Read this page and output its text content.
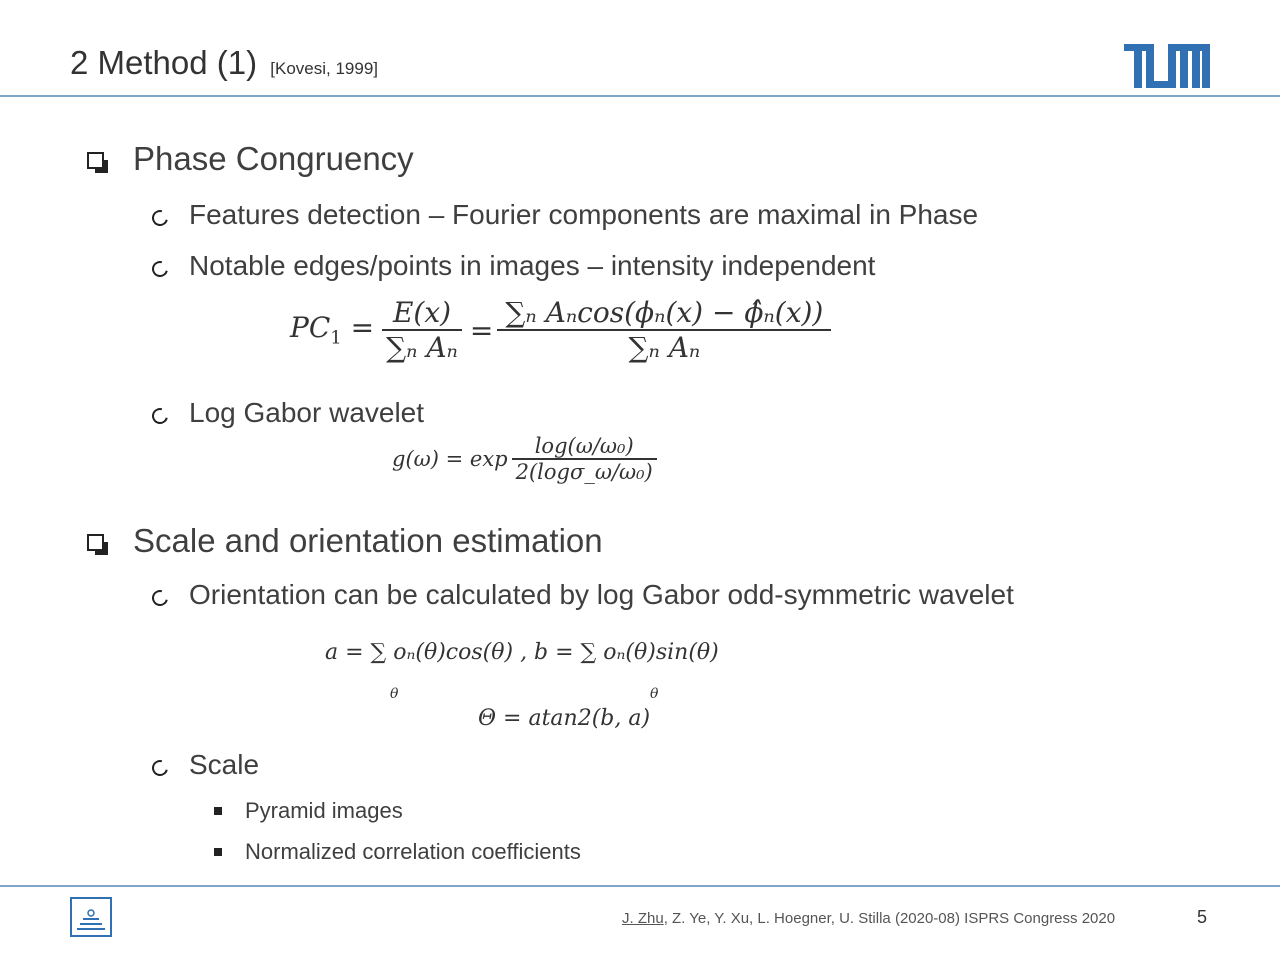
2 Method (1) [Kovesi, 1999]
Phase Congruency
Features detection – Fourier components are maximal in Phase
Notable edges/points in images – intensity independent
$PC_1 = \frac{E(x)}{\text{∑ₙ Aₙ}} = \frac{\text{∑ₙ Aₙcos(ϕₙ(x) − ϕ̂ₙ(x))}}{\text{∑ₙ Aₙ}}$
Log Gabor wavelet
$g(\omega) = \exp \frac{\text{log(ω/ω₀)}}{\text{2(logσ\_ω/ω₀)}}$
Scale and orientation estimation
Orientation can be calculated by log Gabor odd-symmetric wavelet
a = ∑ oₙ(θ)cos(θ) , b = ∑ oₙ(θ)sin(θ)
θ	θ
Θ = atan2(b, a)
Scale
Pyramid images
Normalized correlation coefficients
J. Zhu, Z. Ye, Y. Xu, L. Hoegner, U. Stilla (2020-08) ISPRS Congress 2020	5
